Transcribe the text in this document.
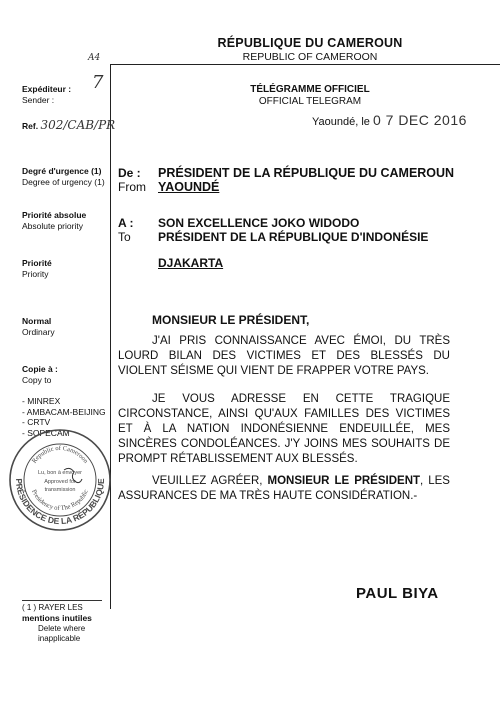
A4
RÉPUBLIQUE DU CAMEROUN
REPUBLIC OF CAMEROON
TÉLÉGRAMME OFFICIEL
OFFICIAL TELEGRAM
Yaoundé, le 0 7 DEC 2016
Expéditeur : 7
Sender :
Ref. 302/CAB/PR
Degré d'urgence (1)
Degree of urgency (1)
Priorité absolue
Absolute priority
Priorité
Priority
Normal
Ordinary
Copie à :
Copy to
- MINREX
- AMBACAM-BEIJING
- CRTV
- SOPECAM
( 1 ) RAYER LES
mentions inutiles
Delete where
inapplicable
PRÉSIDENCE DE LA RÉPUBLIQUE
Republic of Cameroon
Presidency of The Republic
Lu, bon à envoyer
Approved for
transmission
De :
From
PRÉSIDENT DE LA RÉPUBLIQUE DU CAMEROUN
YAOUNDÉ
A :
To
SON EXCELLENCE JOKO WIDODO
PRÉSIDENT DE LA RÉPUBLIQUE D'INDONÉSIE
DJAKARTA
MONSIEUR LE PRÉSIDENT,

J'AI PRIS CONNAISSANCE AVEC ÉMOI, DU TRÈS LOURD BILAN DES VICTIMES ET DES BLESSÉS DU VIOLENT SÉISME QUI VIENT DE FRAPPER VOTRE PAYS.

JE VOUS ADRESSE EN CETTE TRAGIQUE CIRCONSTANCE, AINSI QU'AUX FAMILLES DES VICTIMES ET À LA NATION INDONÉSIENNE ENDEUILLÉE, MES SINCÈRES CONDOLÉANCES. J'Y JOINS MES SOUHAITS DE PROMPT RÉTABLISSEMENT AUX BLESSÉS.

VEUILLEZ AGRÉER, MONSIEUR LE PRÉSIDENT, LES ASSURANCES DE MA TRÈS HAUTE CONSIDÉRATION.-

PAUL BIYA
